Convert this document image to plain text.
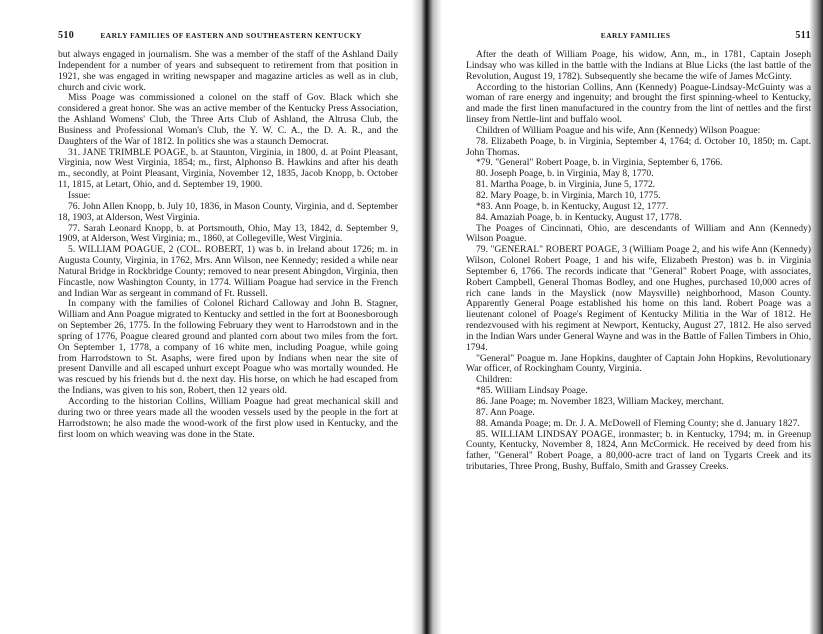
510	EARLY FAMILIES OF EASTERN AND SOUTHEASTERN KENTUCKY

but always engaged in journalism. She was a member of the staff of the Ashland Daily Independent for a number of years and subsequent to retirement from that position in 1921, she was engaged in writing newspaper and magazine articles as well as in club, church and civic work.

Miss Poage was commissioned a colonel on the staff of Gov. Black which she considered a great honor. She was an active member of the Kentucky Press Association, the Ashland Womens' Club, the Three Arts Club of Ashland, the Altrusa Club, the Business and Professional Woman's Club, the Y. W. C. A., the D. A. R., and the Daughters of the War of 1812. In politics she was a staunch Democrat.

31. JANE TRIMBLE POAGE, b. at Staunton, Virginia, in 1800, d. at Point Pleasant, Virginia, now West Virginia, 1854; m., first, Alphonso B. Hawkins and after his death m., secondly, at Point Pleasant, Virginia, November 12, 1835, Jacob Knopp, b. October 11, 1815, at Letart, Ohio, and d. September 19, 1900.

Issue:

76. John Allen Knopp, b. July 10, 1836, in Mason County, Virginia, and d. September 18, 1903, at Alderson, West Virginia.

77. Sarah Leonard Knopp, b. at Portsmouth, Ohio, May 13, 1842, d. September 9, 1909, at Alderson, West Virginia; m., 1860, at Collegeville, West Virginia.

5. WILLIAM POAGUE, 2 (COL. ROBERT, 1) was b. in Ireland about 1726; m. in Augusta County, Virginia, in 1762, Mrs. Ann Wilson, nee Kennedy; resided a while near Natural Bridge in Rockbridge County; removed to near present Abingdon, Virginia, then Fincastle, now Washington County, in 1774. William Poague had service in the French and Indian War as sergeant in command of Ft. Russell.

In company with the families of Colonel Richard Calloway and John B. Stagner, William and Ann Poague migrated to Kentucky and settled in the fort at Boonesborough on September 26, 1775. In the following February they went to Harrodstown and in the spring of 1776, Poague cleared ground and planted corn about two miles from the fort. On September 1, 1778, a company of 16 white men, including Poague, while going from Harrodstown to St. Asaphs, were fired upon by Indians when near the site of present Danville and all escaped unhurt except Poague who was mortally wounded. He was rescued by his friends but d. the next day. His horse, on which he had escaped from the Indians, was given to his son, Robert, then 12 years old.

According to the historian Collins, William Poague had great mechanical skill and during two or three years made all the wooden vessels used by the people in the fort at Harrodstown; he also made the wood-work of the first plow used in Kentucky, and the first loom on which weaving was done in the State.

EARLY FAMILIES	511

After the death of William Poage, his widow, Ann, m., in 1781, Captain Joseph Lindsay who was killed in the battle with the Indians at Blue Licks (the last battle of the Revolution, August 19, 1782). Subsequently she became the wife of James McGinty.

According to the historian Collins, Ann (Kennedy) Poague-Lindsay-McGuinty was a woman of rare energy and ingenuity; and brought the first spinning-wheel to Kentucky, and made the first linen manufactured in the country from the lint of nettles and the first linsey from Nettle-lint and buffalo wool.

Children of William Poague and his wife, Ann (Kennedy) Wilson Poague:

78. Elizabeth Poage, b. in Virginia, September 4, 1764; d. October 10, 1850; m. Capt. John Thomas.

*79. "General" Robert Poage, b. in Virginia, September 6, 1766.

80. Joseph Poage, b. in Virginia, May 8, 1770.

81. Martha Poage, b. in Virginia, June 5, 1772.

82. Mary Poage, b. in Virginia, March 10, 1775.

*83. Ann Poage, b. in Kentucky, August 12, 1777.

84. Amaziah Poage, b. in Kentucky, August 17, 1778.

The Poages of Cincinnati, Ohio, are descendants of William and Ann (Kennedy) Wilson Poague.

79. "GENERAL" ROBERT POAGE, 3 (William Poage 2, and his wife Ann (Kennedy) Wilson, Colonel Robert Poage, 1 and his wife, Elizabeth Preston) was b. in Virginia September 6, 1766. The records indicate that "General" Robert Poage, with associates, Robert Campbell, General Thomas Bodley, and one Hughes, purchased 10,000 acres of rich cane lands in the Mayslick (now Maysville) neighborhood, Mason County. Apparently General Poage established his home on this land. Robert Poage was a lieutenant colonel of Poage's Regiment of Kentucky Militia in the War of 1812. He rendezvoused with his regiment at Newport, Kentucky, August 27, 1812. He also served in the Indian Wars under General Wayne and was in the Battle of Fallen Timbers in Ohio, 1794.

"General" Poague m. Jane Hopkins, daughter of Captain John Hopkins, Revolutionary War officer, of Rockingham County, Virginia.

Children:

*85. William Lindsay Poage.

86. Jane Poage; m. November 1823, William Mackey, merchant.

87. Ann Poage.

88. Amanda Poage; m. Dr. J. A. McDowell of Fleming County; she d. January 1827.

85. WILLIAM LINDSAY POAGE, ironmaster; b. in Kentucky, 1794; m. in Greenup County, Kentucky, November 8, 1824, Ann McCormick. He received by deed from his father, "General" Robert Poage, a 80,000-acre tract of land on Tygarts Creek and its tributaries, Three Prong, Bushy, Buffalo, Smith and Grassey Creeks.
